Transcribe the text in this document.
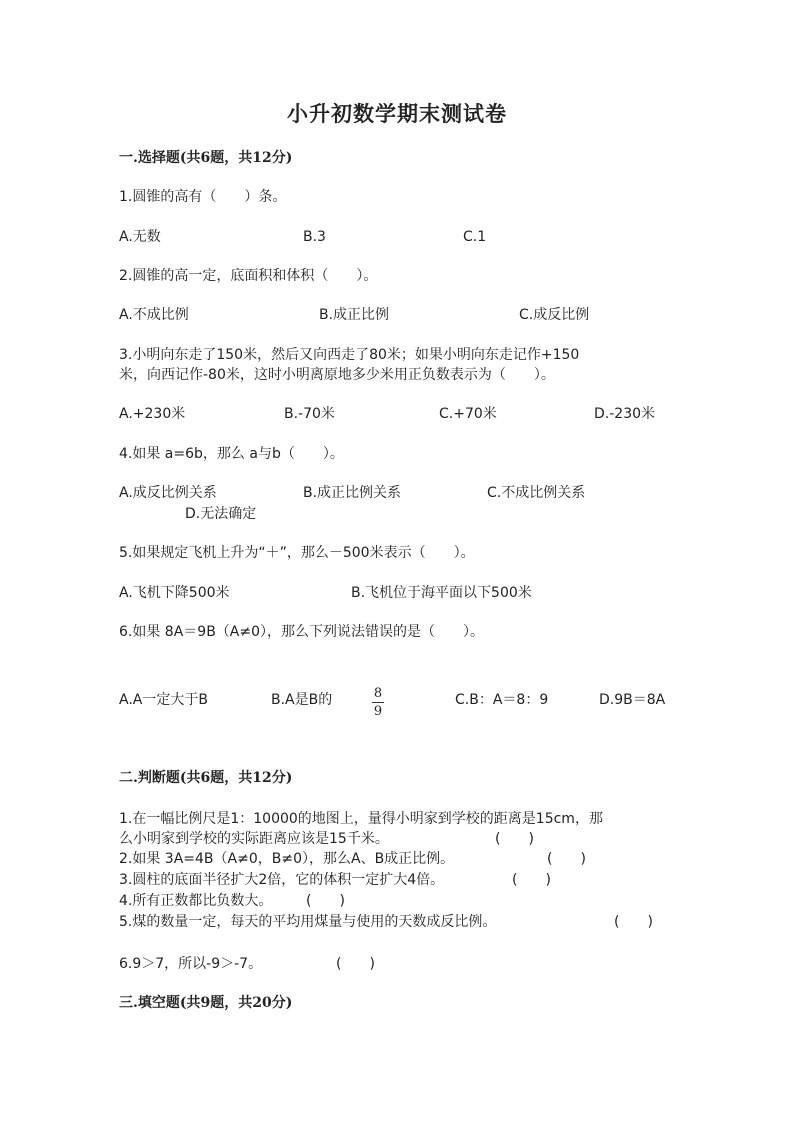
小升初数学期末测试卷
一.选择题(共6题，共12分)
1.圆锥的高有（　　）条。
A.无数	B.3	C.1
2.圆锥的高一定，底面积和体积（　　）。
A.不成比例	B.成正比例	C.成反比例
3.小明向东走了150米，然后又向西走了80米；如果小明向东走记作+150
米，向西记作-80米，这时小明离原地多少米用正负数表示为（　　）。
A.+230米	B.-70米	C.+70米	D.-230米
4.如果 a=6b，那么 a与b（　　）。
A.成反比例关系	B.成正比例关系	C.不成比例关系
D.无法确定
5.如果规定飞机上升为“＋”，那么－500米表示（　　）。
A.飞机下降500米	B.飞机位于海平面以下500米
6.如果 8A＝9B（A≠0），那么下列说法错误的是（　　）。
A.A一定大于B	B.A是B的	8
9
C.B：A＝8：9	D.9B＝8A
二.判断题(共6题，共12分)
1.在一幅比例尺是1：10000的地图上，量得小明家到学校的距离是15cm，那
么小明家到学校的实际距离应该是15千米。	(　　)
2.如果 3A=4B（A≠0，B≠0），那么A、B成正比例。	(　　)
3.圆柱的底面半径扩大2倍，它的体积一定扩大4倍。	(　　)
4.所有正数都比负数大。 (　　)
5.煤的数量一定，每天的平均用煤量与使用的天数成反比例。	(　　)
6.9＞7，所以-9＞-7。	(　　)
三.填空题(共9题，共20分)
